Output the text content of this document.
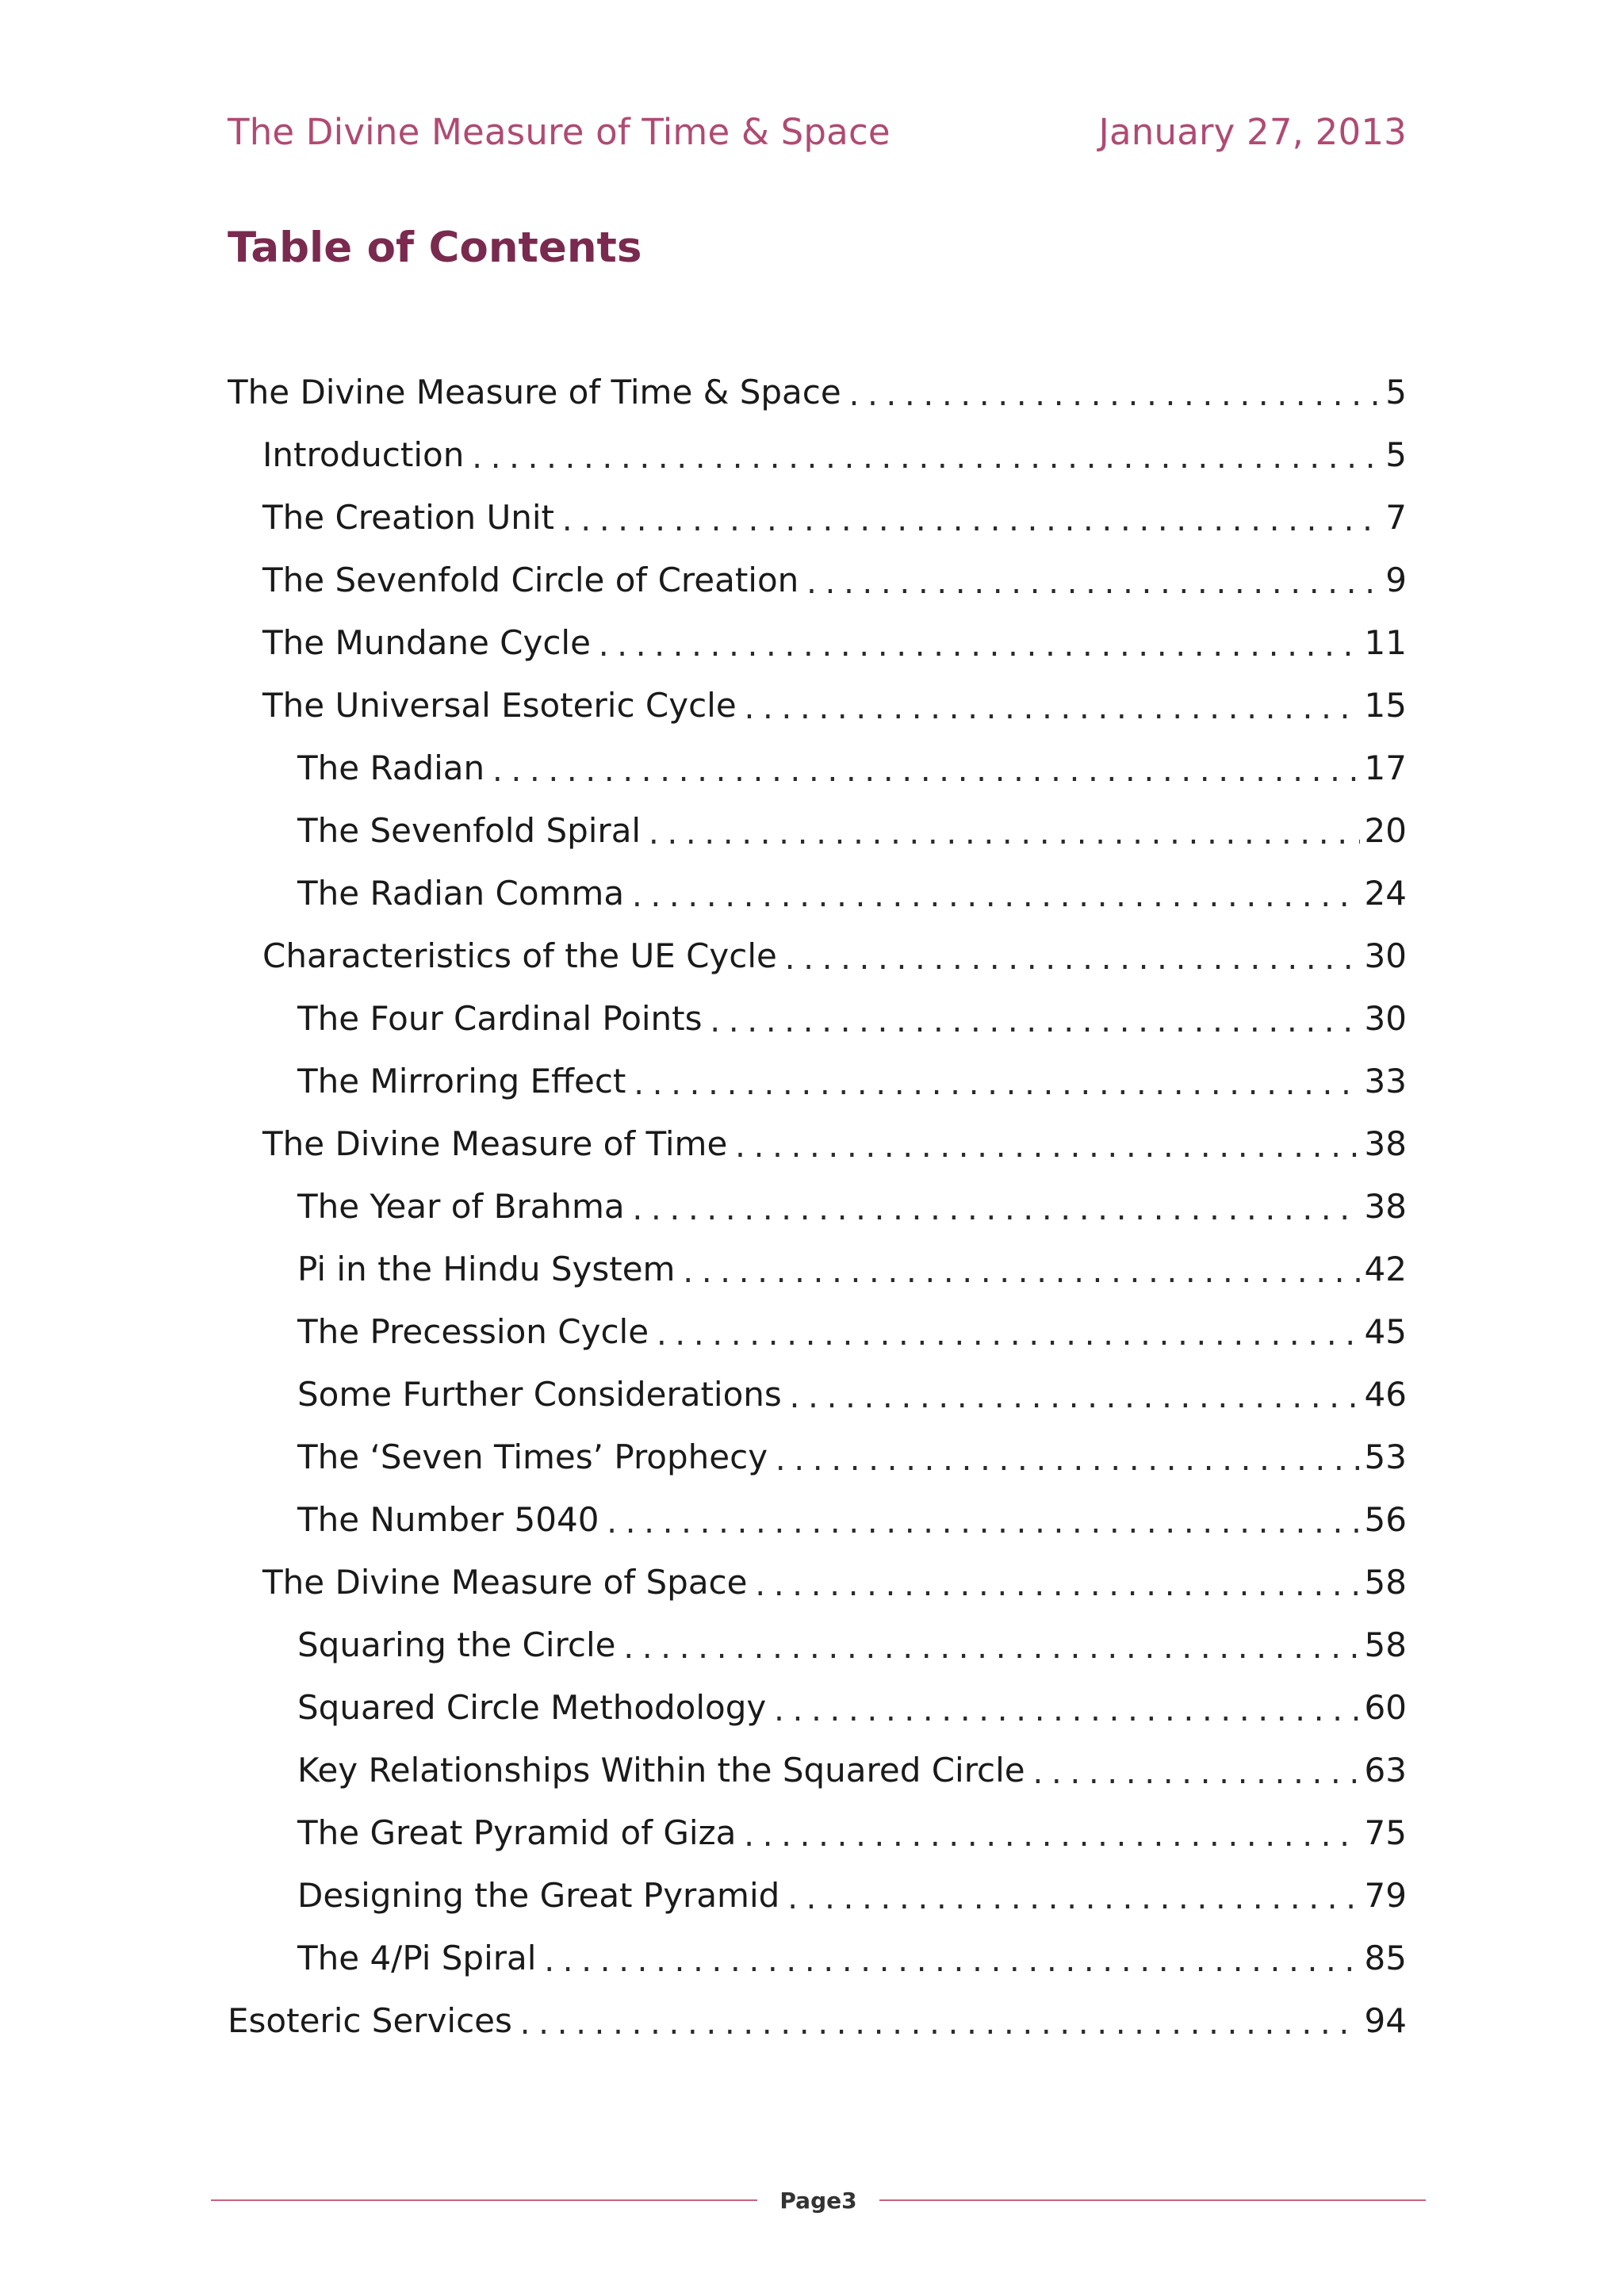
The Divine Measure of Time & Space	January 27, 2013
Table of Contents
The Divine Measure of Time & Space .....	5
Introduction .....	5
The Creation Unit .....	7
The Sevenfold Circle of Creation .....	9
The Mundane Cycle .....	11
The Universal Esoteric Cycle .....	15
The Radian .....	17
The Sevenfold Spiral .....	20
The Radian Comma .....	24
Characteristics of the UE Cycle .....	30
The Four Cardinal Points .....	30
The Mirroring Effect .....	33
The Divine Measure of Time .....	38
The Year of Brahma .....	38
Pi in the Hindu System .....	42
The Precession Cycle .....	45
Some Further Considerations .....	46
The ‘Seven Times’ Prophecy .....	53
The Number 5040 .....	56
The Divine Measure of Space .....	58
Squaring the Circle .....	58
Squared Circle Methodology .....	60
Key Relationships Within the Squared Circle .....	63
The Great Pyramid of Giza .....	75
Designing the Great Pyramid .....	79
The 4/Pi Spiral .....	85
Esoteric Services .....	94
Page3
